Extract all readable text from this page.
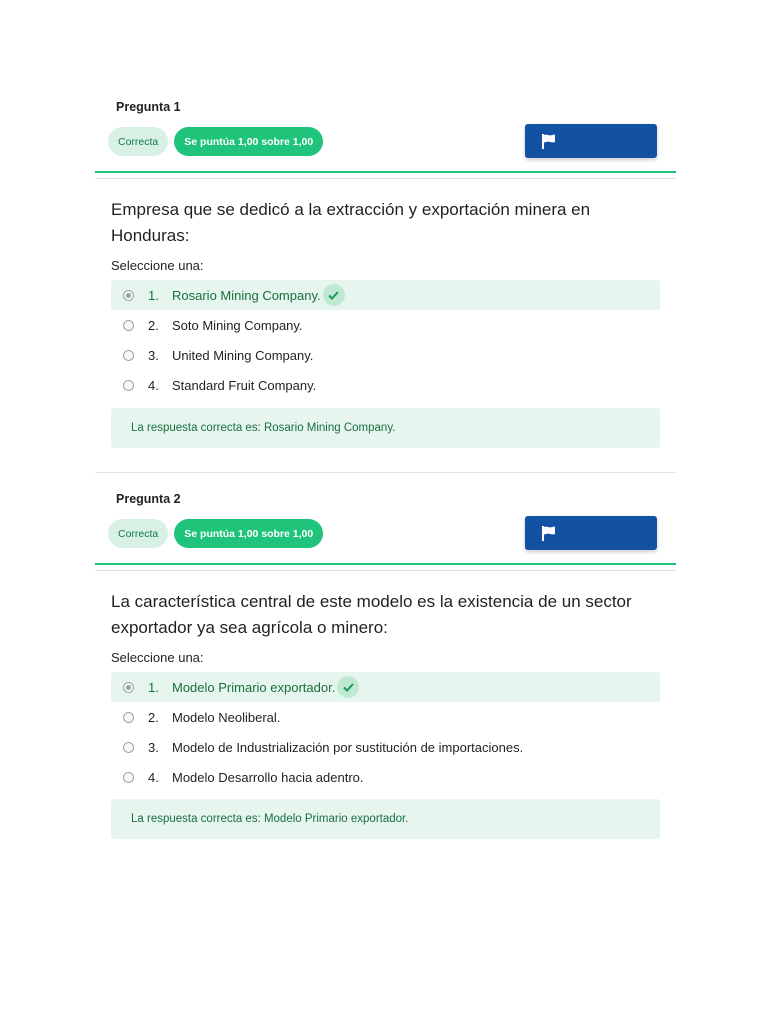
Pregunta 1
Correcta	Se puntúa 1,00 sobre 1,00
Empresa que se dedicó a la extracción y exportación minera en Honduras:
Seleccione una:
1.	Rosario Mining Company.
2.	Soto Mining Company.
3.	United Mining Company.
4.	Standard Fruit Company.
La respuesta correcta es: Rosario Mining Company.
Pregunta 2
Correcta	Se puntúa 1,00 sobre 1,00
La característica central de este modelo es la existencia de un sector exportador ya sea agrícola o minero:
Seleccione una:
1.	Modelo Primario exportador.
2.	Modelo Neoliberal.
3.	Modelo de Industrialización por sustitución de importaciones.
4.	Modelo Desarrollo hacia adentro.
La respuesta correcta es: Modelo Primario exportador.
